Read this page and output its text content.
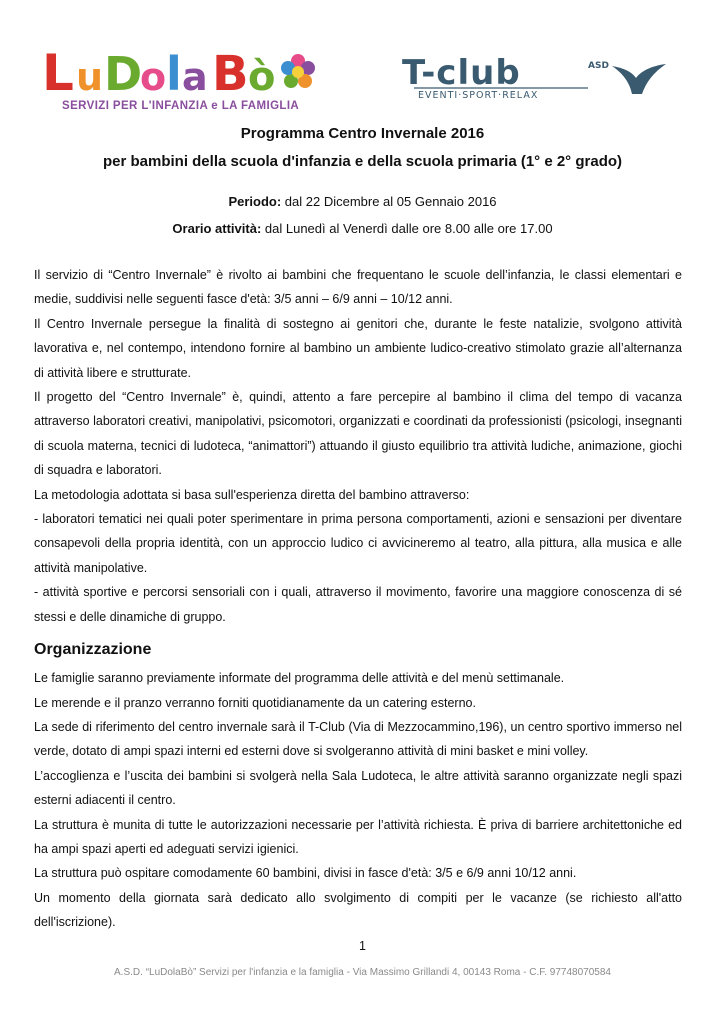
L u D
o l a B ò
SERVIZI PER L'INFANZIA e LA FAMIGLIA
T-club	ASD
EVENTI·SPORT·RELAX
Programma Centro Invernale 2016
per bambini della scuola d'infanzia e della scuola primaria (1° e 2° grado)
Periodo: dal 22 Dicembre al 05 Gennaio 2016
Orario attività: dal Lunedì al Venerdì dalle ore 8.00 alle ore 17.00

Il servizio di “Centro Invernale” è rivolto ai bambini che frequentano le scuole dell’infanzia, le classi elementari e medie, suddivisi nelle seguenti fasce d'età: 3/5 anni – 6/9 anni – 10/12 anni.

Il Centro Invernale persegue la finalità di sostegno ai genitori che, durante le feste natalizie, svolgono attività lavorativa e, nel contempo, intendono fornire al bambino un ambiente ludico-creativo stimolato grazie all’alternanza di attività libere e strutturate.

Il progetto del “Centro Invernale” è, quindi, attento a fare percepire al bambino il clima del tempo di vacanza attraverso laboratori creativi, manipolativi, psicomotori, organizzati e coordinati da professionisti (psicologi, insegnanti di scuola materna, tecnici di ludoteca, “animattori”) attuando il giusto equilibrio tra attività ludiche, animazione, giochi di squadra e laboratori.

La metodologia adottata si basa sull'esperienza diretta del bambino attraverso:

- laboratori tematici nei quali poter sperimentare in prima persona comportamenti, azioni e sensazioni per diventare consapevoli della propria identità, con un approccio ludico ci avvicineremo al teatro, alla pittura, alla musica e alle attività manipolative.

- attività sportive e percorsi sensoriali con i quali, attraverso il movimento, favorire una maggiore conoscenza di sé stessi e delle dinamiche di gruppo.

Organizzazione

Le famiglie saranno previamente informate del programma delle attività e del menù settimanale.

Le merende e il pranzo verranno forniti quotidianamente da un catering esterno.

La sede di riferimento del centro invernale sarà il T-Club (Via di Mezzocammino,196), un centro sportivo immerso nel verde, dotato di ampi spazi interni ed esterni dove si svolgeranno attività di mini basket e mini volley.

L’accoglienza e l’uscita dei bambini si svolgerà nella Sala Ludoteca, le altre attività saranno organizzate negli spazi esterni adiacenti il centro.

La struttura è munita di tutte le autorizzazioni necessarie per l’attività richiesta. È priva di barriere architettoniche ed ha ampi spazi aperti ed adeguati servizi igienici.

La struttura può ospitare comodamente 60 bambini, divisi in fasce d'età: 3/5 e 6/9 anni 10/12 anni.

Un momento della giornata sarà dedicato allo svolgimento di compiti per le vacanze (se richiesto all'atto dell'iscrizione).

1
A.S.D. “LuDolaBò” Servizi per l'infanzia e la famiglia - Via Massimo Grillandi 4, 00143 Roma - C.F. 97748070584
